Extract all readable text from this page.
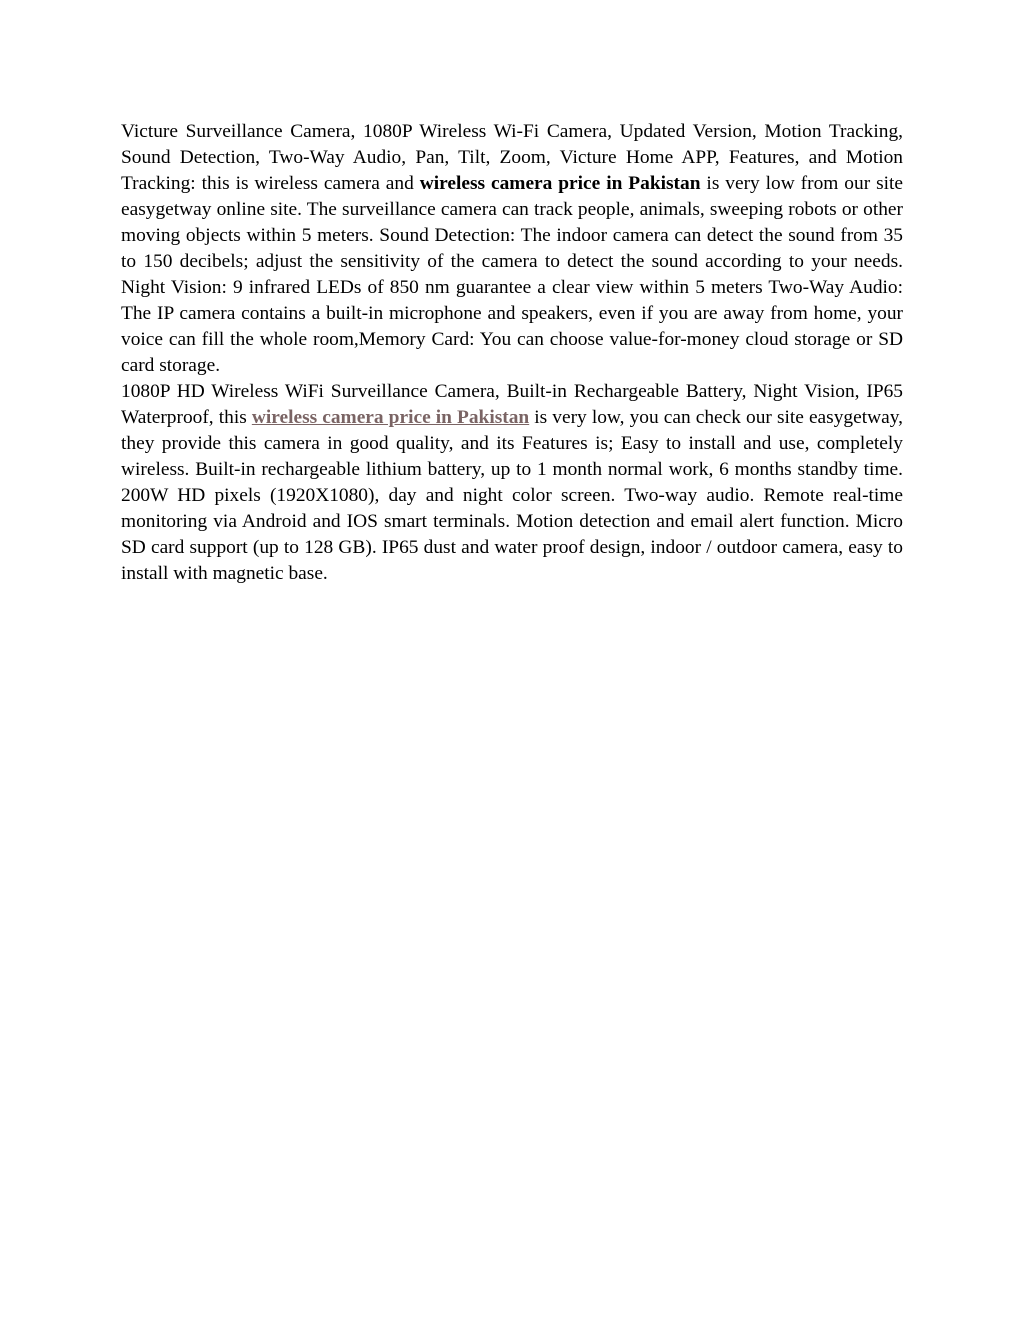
Victure Surveillance Camera, 1080P Wireless Wi-Fi Camera, Updated Version, Motion Tracking, Sound Detection, Two-Way Audio, Pan, Tilt, Zoom, Victure Home APP, Features, and Motion Tracking: this is wireless camera and wireless camera price in Pakistan is very low from our site easygetway online site. The surveillance camera can track people, animals, sweeping robots or other moving objects within 5 meters. Sound Detection: The indoor camera can detect the sound from 35 to 150 decibels; adjust the sensitivity of the camera to detect the sound according to your needs. Night Vision: 9 infrared LEDs of 850 nm guarantee a clear view within 5 meters Two-Way Audio: The IP camera contains a built-in microphone and speakers, even if you are away from home, your voice can fill the whole room,Memory Card: You can choose value-for-money cloud storage or SD card storage.

1080P HD Wireless WiFi Surveillance Camera, Built-in Rechargeable Battery, Night Vision, IP65 Waterproof, this wireless camera price in Pakistan is very low, you can check our site easygetway, they provide this camera in good quality, and its Features is; Easy to install and use, completely wireless. Built-in rechargeable lithium battery, up to 1 month normal work, 6 months standby time. 200W HD pixels (1920X1080), day and night color screen. Two-way audio. Remote real-time monitoring via Android and IOS smart terminals. Motion detection and email alert function. Micro SD card support (up to 128 GB). IP65 dust and water proof design, indoor / outdoor camera, easy to install with magnetic base.
